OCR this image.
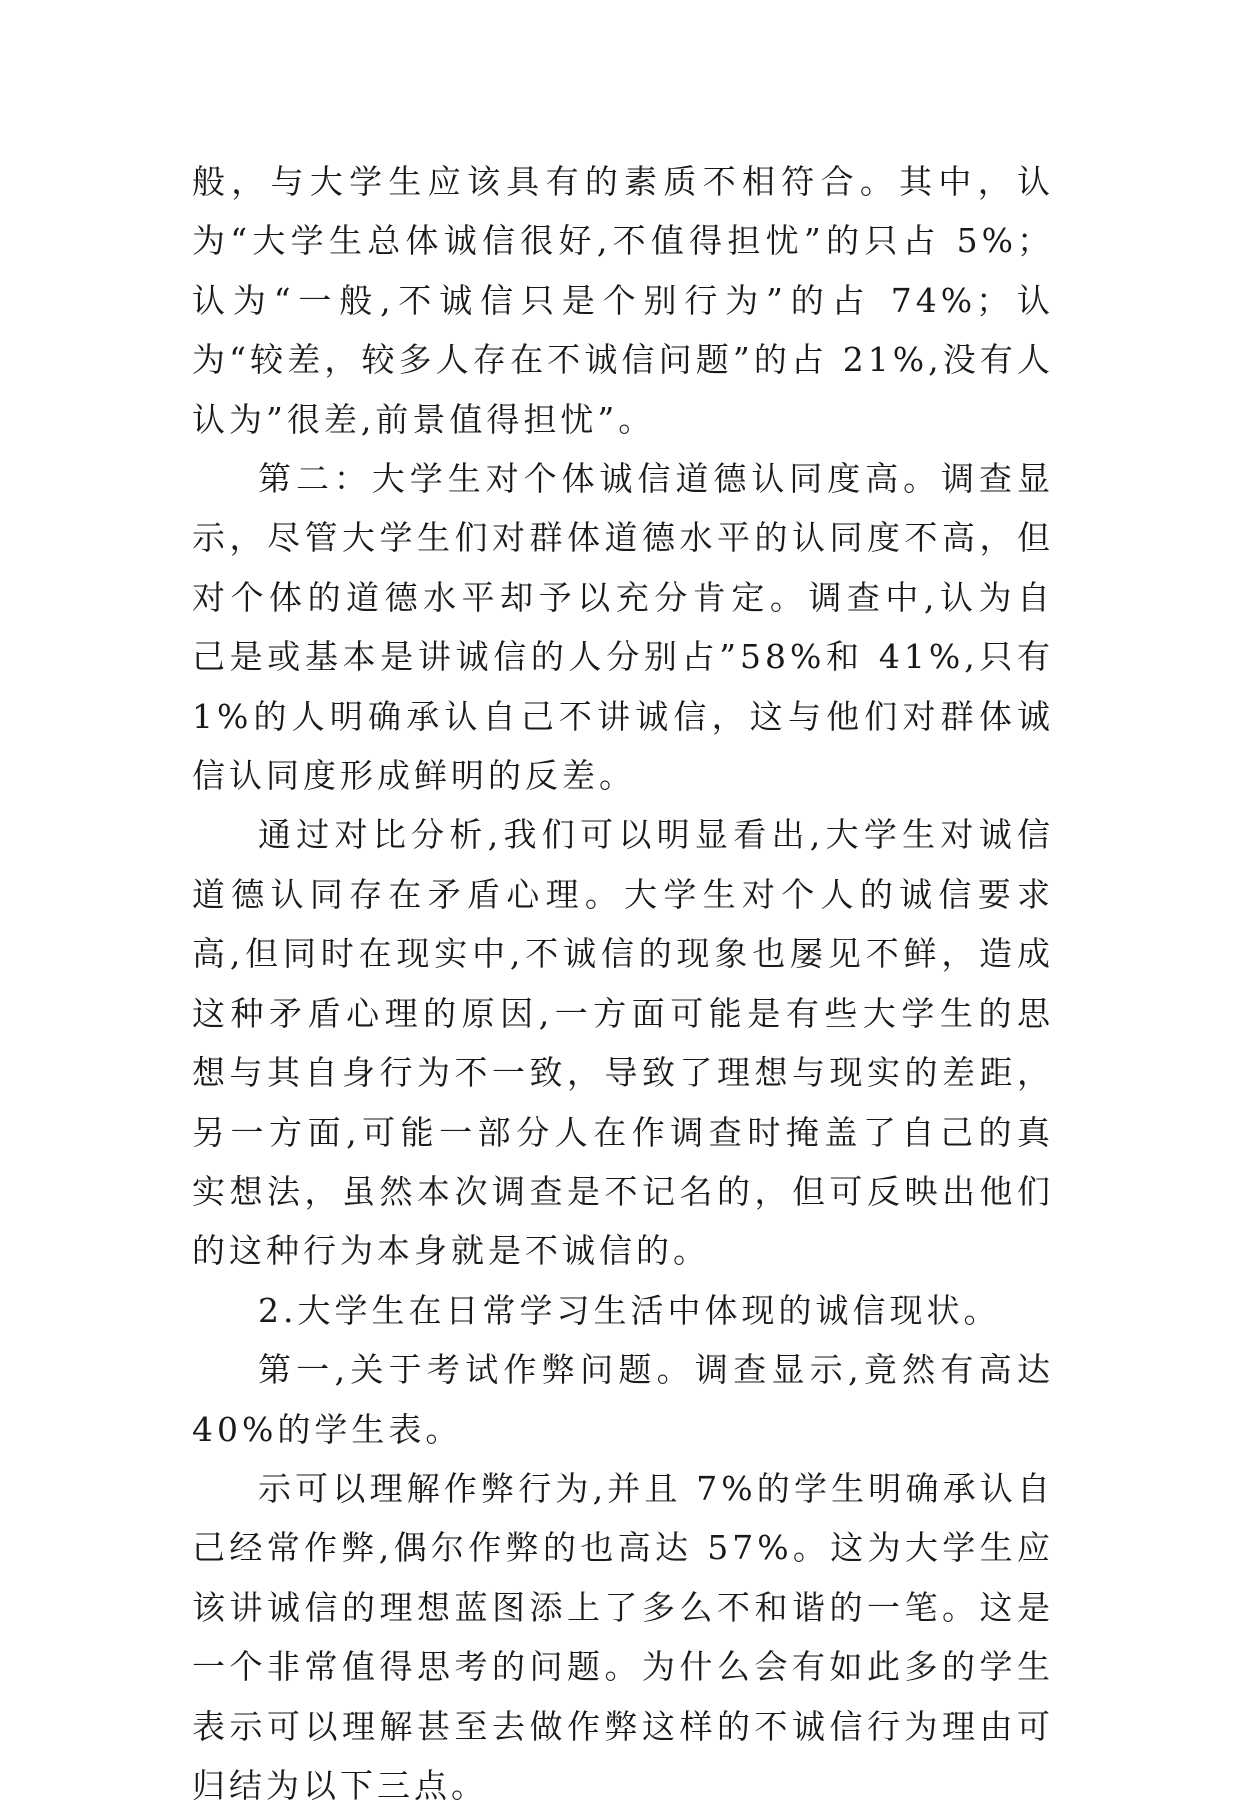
般，与大学生应该具有的素质不相符合。其中，认为“大学生总体诚信很好,不值得担忧”的只占 5%；认为“一般,不诚信只是个别行为”的占 74%；认为“较差，较多人存在不诚信问题”的占 21%,没有人认为”很差,前景值得担忧”。

第二：大学生对个体诚信道德认同度高。调查显示，尽管大学生们对群体道德水平的认同度不高，但对个体的道德水平却予以充分肯定。调查中,认为自己是或基本是讲诚信的人分别占”58%和 41%,只有 1%的人明确承认自己不讲诚信，这与他们对群体诚信认同度形成鲜明的反差。

通过对比分析,我们可以明显看出,大学生对诚信道德认同存在矛盾心理。大学生对个人的诚信要求高,但同时在现实中,不诚信的现象也屡见不鲜，造成这种矛盾心理的原因,一方面可能是有些大学生的思想与其自身行为不一致，导致了理想与现实的差距，另一方面,可能一部分人在作调查时掩盖了自己的真实想法，虽然本次调查是不记名的，但可反映出他们的这种行为本身就是不诚信的。

2.大学生在日常学习生活中体现的诚信现状。

第一,关于考试作弊问题。调查显示,竟然有高达 40%的学生表。

示可以理解作弊行为,并且 7%的学生明确承认自己经常作弊,偶尔作弊的也高达 57%。这为大学生应该讲诚信的理想蓝图添上了多么不和谐的一笔。这是一个非常值得思考的问题。为什么会有如此多的学生表示可以理解甚至去做作弊这样的不诚信行为理由可归结为以下三点。
